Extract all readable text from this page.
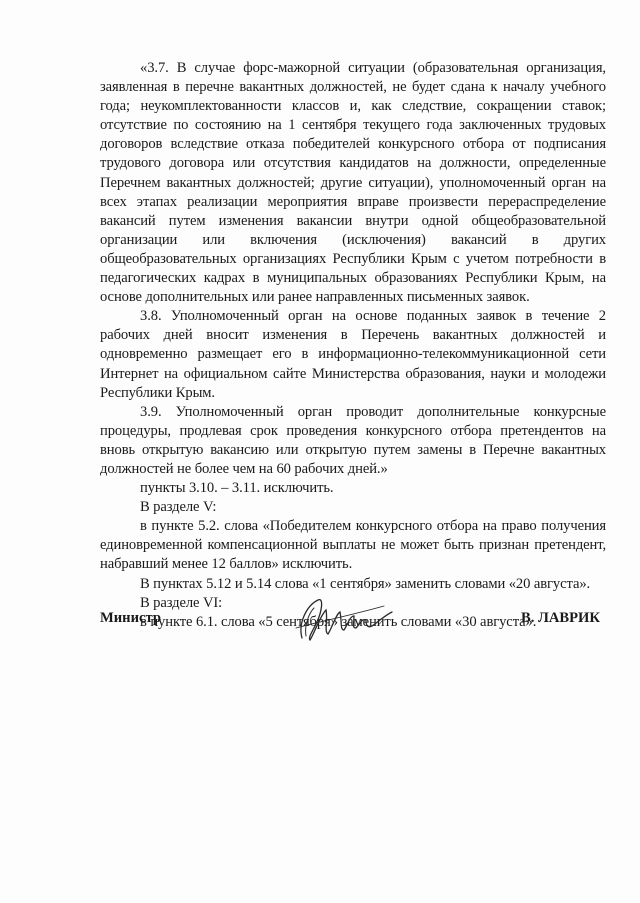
«3.7. В случае форс-мажорной ситуации (образовательная организация, заявленная в перечне вакантных должностей, не будет сдана к началу учебного года; неукомплектованности классов и, как следствие, сокращении ставок; отсутствие по состоянию на 1 сентября текущего года заключенных трудовых договоров вследствие отказа победителей конкурсного отбора от подписания трудового договора или отсутствия кандидатов на должности, определенные Перечнем вакантных должностей; другие ситуации), уполномоченный орган на всех этапах реализации мероприятия вправе произвести перераспределение вакансий путем изменения вакансии внутри одной общеобразовательной организации или включения (исключения) вакансий в других общеобразовательных организациях Республики Крым с учетом потребности в педагогических кадрах в муниципальных образованиях Республики Крым, на основе дополнительных или ранее направленных письменных заявок.

3.8. Уполномоченный орган на основе поданных заявок в течение 2 рабочих дней вносит изменения в Перечень вакантных должностей и одновременно размещает его в информационно-телекоммуникационной сети Интернет на официальном сайте Министерства образования, науки и молодежи Республики Крым.

3.9. Уполномоченный орган проводит дополнительные конкурсные процедуры, продлевая срок проведения конкурсного отбора претендентов на вновь открытую вакансию или открытую путем замены в Перечне вакантных должностей не более чем на 60 рабочих дней.»

пункты 3.10. – 3.11. исключить.

В разделе V:

в пункте 5.2. слова «Победителем конкурсного отбора на право получения единовременной компенсационной выплаты не может быть признан претендент, набравший менее 12 баллов» исключить.

В пунктах 5.12 и 5.14 слова «1 сентября» заменить словами «20 августа».

В разделе VI:

в пункте 6.1. слова «5 сентября» заменить словами «30 августа».

Министр	В. ЛАВРИК
